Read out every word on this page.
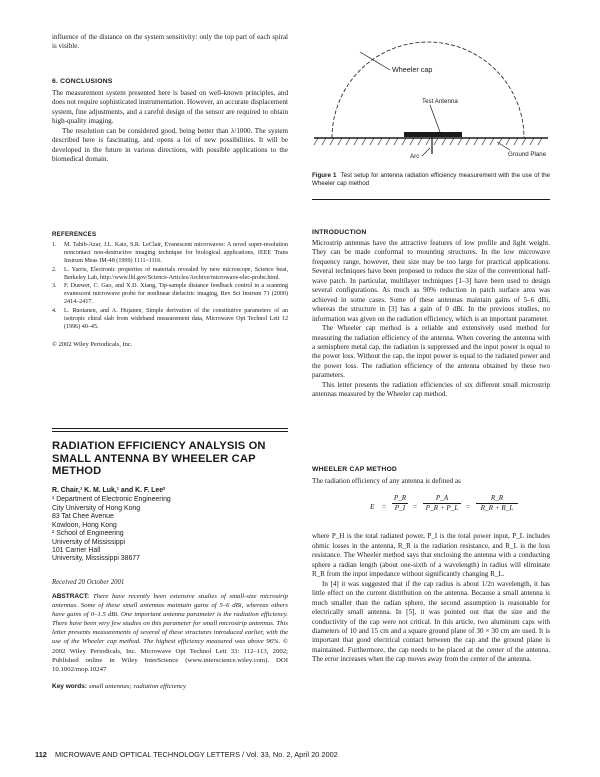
influence of the distance on the system sensitivity: only the top part of each spiral is visible.

6. CONCLUSIONS

The measurement system presented here is based on well-known principles, and does not require sophisticated instrumentation. However, an accurate displacement system, fine adjustments, and a careful design of the sensor are required to obtain high-quality imaging.

The resolution can be considered good, being better than λ/1000. The system described here is fascinating, and opens a lot of new possibilities. It will be developed in the future in various directions, with possible applications to the biomedical domain.

REFERENCES
1. M. Tabib-Azar, J.L. Katz, S.R. LeClair, Evanescent microwaves: A novel super-resolution noncontact non-destructive imaging technique for biological applications, IEEE Trans Instrum Meas IM-48 (1999) 1111–1116.
2. L. Yarris, Electronic properties of materials revealed by new microscope, Science beat, Berkeley Lab, http://www.lbl.gov/Science-Articles/Archive/microwave-elec-probe.html.
3. F. Duewer, C. Gao, and X.D. Xiang, Tip-sample distance feedback control in a scanning evanescent microwave probe for nonlinear dielectric imaging, Rev Sci Instrum 71 (2000) 2414–2417.
4. L. Ruotanen, and A. Hujanen, Simple derivation of the constitutive parameters of an isotropic chiral slab from wideband measurement data, Microwave Opt Technol Lett 12 (1996) 40–45.

© 2002 Wiley Periodicals, Inc.

RADIATION EFFICIENCY ANALYSIS ON SMALL ANTENNA BY WHEELER CAP METHOD
R. Chair,¹ K. M. Luk,¹ and K. F. Lee²
¹ Department of Electronic Engineering
City University of Hong Kong
83 Tat Chee Avenue
Kowloon, Hong Kong
² School of Engineering
University of Mississippi
101 Carrier Hall
University, Mississippi 38677

Received 20 October 2001

ABSTRACT: There have recently been extensive studies of small-size microstrip antennas. Some of these small antennas maintain gains of 5–6 dBi, whereas others have gains of 0–1.5 dBi. One important antenna parameter is the radiation efficiency. There have been very few studies on this parameter for small microstrip antennas. This letter presents measurements of several of these structures introduced earlier, with the use of the Wheeler cap method. The highest efficiency measured was above 96%. © 2002 Wiley Periodicals, Inc. Microwave Opt Technol Lett 33: 112–113, 2002; Published online in Wiley InterScience (www.interscience.wiley.com). DOI 10.1002/mop.10247

Key words: small antennas; radiation efficiency

Wheeler cap
Test Antenna
Arc	Ground Plane

Figure 1 Test setup for antenna radiation efficiency measurement with the use of the Wheeler cap method

INTRODUCTION

Microstrip antennas have the attractive features of low profile and light weight. They can be made conformal to mounting structures. In the low microwave frequency range, however, their size may be too large for practical applications. Several techniques have been proposed to reduce the size of the conventional half-wave patch. In particular, multilayer techniques [1–3] have been used to design several configurations. As much as 90% reduction in patch surface area was achieved in some cases. Some of these antennas maintain gains of 5–6 dBi, whereas the structure in [3] has a gain of 0 dBi. In the previous studies, no information was given on the radiation efficiency, which is an important parameter.

The Wheeler cap method is a reliable and extensively used method for measuring the radiation efficiency of the antenna. When covering the antenna with a semisphere metal cap, the radiation is suppressed and the input power is equal to the power loss. Without the cap, the input power is equal to the radiated power and the power loss. The radiation efficiency of the antenna obtained by these two parameters.

This letter presents the radiation efficiencies of six different small microstrip antennas measured by the Wheeler cap method.

WHEELER CAP METHOD

The radiation efficiency of any antenna is defined as

$E = \frac{P\_R}{P\_I} = \frac{P\_A}{P\_R + P\_L} = \frac{R\_R}{R\_R + R\_L}$

where P_H is the total radiated power, P_I is the total power input, P_L includes ohmic losses in the antenna, R_R is the radiation resistance, and R_L is the loss resistance. The Wheeler method says that enclosing the antenna with a conducting sphere a radian length (about one-sixth of a wavelength) in radius will eliminate R_R from the input impedance without significantly changing R_L.

In [4] it was suggested that if the cap radius is about 1/2π wavelength, it has little effect on the current distribution on the antenna. Because a small antenna is much smaller than the radian sphere, the second assumption is reasonable for electrically small antenna. In [5], it was pointed out that the size and the conductivity of the cap were not critical. In this article, two aluminum caps with diameters of 10 and 15 cm and a square ground plane of 30 × 30 cm are used. It is important that good electrical contact between the cap and the ground plane is maintained. Furthermore, the cap needs to be placed at the center of the antenna. The error increases when the cap moves away from the center of the antenna.

112 MICROWAVE AND OPTICAL TECHNOLOGY LETTERS / Vol. 33, No. 2, April 20 2002
